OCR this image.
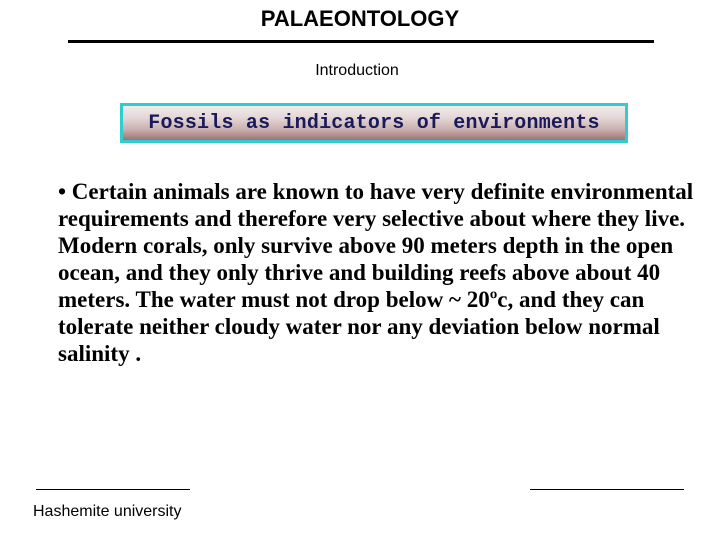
PALAEONTOLOGY
Introduction
Fossils as indicators of environments
• Certain animals are known to have very definite environmental requirements and therefore very selective about where they live. Modern corals, only survive above 90 meters depth in the open ocean, and they only thrive and building reefs above about 40 meters. The water must not drop below ~ 20ºc, and they can tolerate neither cloudy water nor any deviation below normal salinity .
Hashemite university
